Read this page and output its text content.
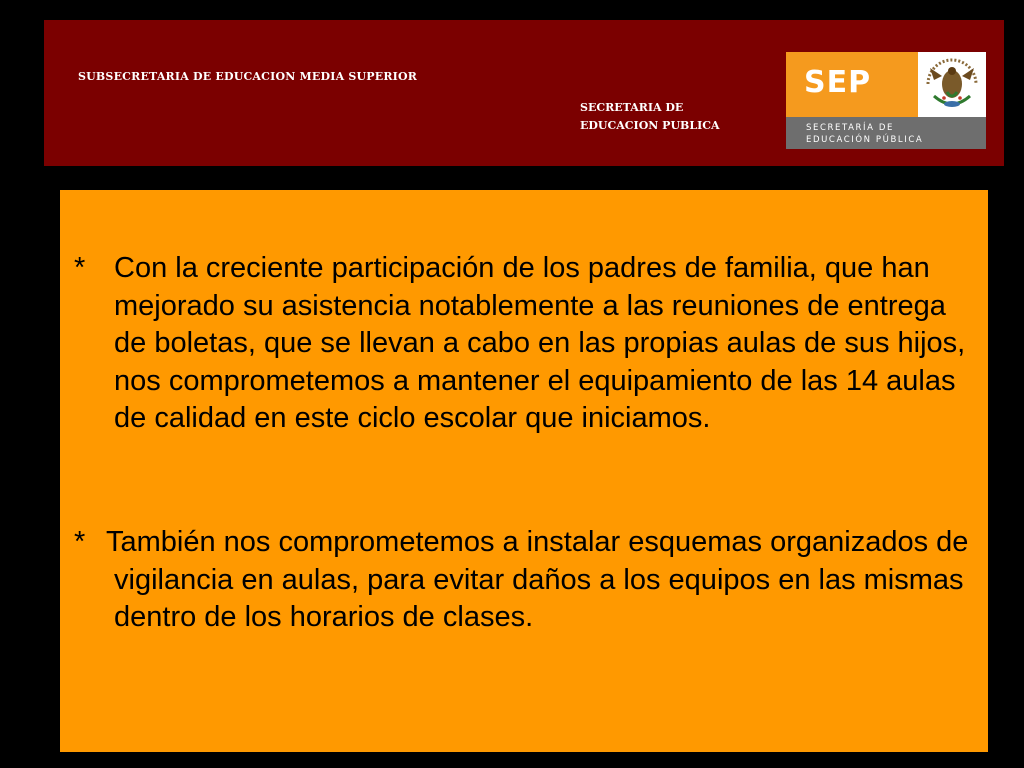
SUBSECRETARIA DE EDUCACION MEDIA SUPERIOR
SECRETARIA DE
EDUCACION PUBLICA
SEP
SECRETARÍA DE
EDUCACIÓN PÚBLICA
* Con la creciente participación de los padres de familia, que han mejorado su asistencia notablemente a las reuniones de entrega de boletas, que se llevan a cabo en las propias aulas de sus hijos, nos comprometemos a mantener el equipamiento de las 14 aulas de calidad en este ciclo escolar que iniciamos.
* También nos comprometemos a instalar esquemas organizados de vigilancia en aulas, para evitar daños a los equipos en las mismas dentro de los horarios de clases.
